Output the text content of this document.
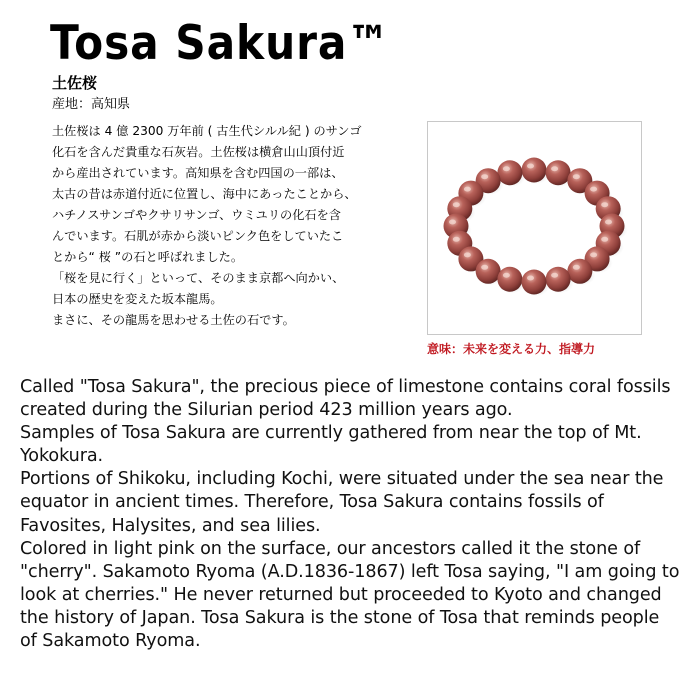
Tosa Sakura™
土佐桜
産地：高知県
土佐桜は 4 億 2300 万年前 ( 古生代シルル紀 ) のサンゴ
化石を含んだ貴重な石灰岩。土佐桜は横倉山山頂付近
から産出されています。高知県を含む四国の一部は、
太古の昔は赤道付近に位置し、海中にあったことから、
ハチノスサンゴやクサリサンゴ、ウミユリの化石を含
んでいます。石肌が赤から淡いピンク色をしていたこ
とから“ 桜 ”の石と呼ばれました。
「桜を見に行く」といって、そのまま京都へ向かい、
日本の歴史を変えた坂本龍馬。
まさに、その龍馬を思わせる土佐の石です。
意味：未来を変える力、指導力
Called "Tosa Sakura", the precious piece of limestone contains coral fossils
created during the Silurian period 423 million years ago.
Samples of Tosa Sakura are currently gathered from near the top of Mt.
Yokokura.
Portions of Shikoku, including Kochi, were situated under the sea near the
equator in ancient times. Therefore, Tosa Sakura contains fossils of
Favosites, Halysites, and sea lilies.
Colored in light pink on the surface, our ancestors called it the stone of
"cherry". Sakamoto Ryoma (A.D.1836-1867) left Tosa saying, "I am going to
look at cherries." He never returned but proceeded to Kyoto and changed
the history of Japan. Tosa Sakura is the stone of Tosa that reminds people
of Sakamoto Ryoma.
